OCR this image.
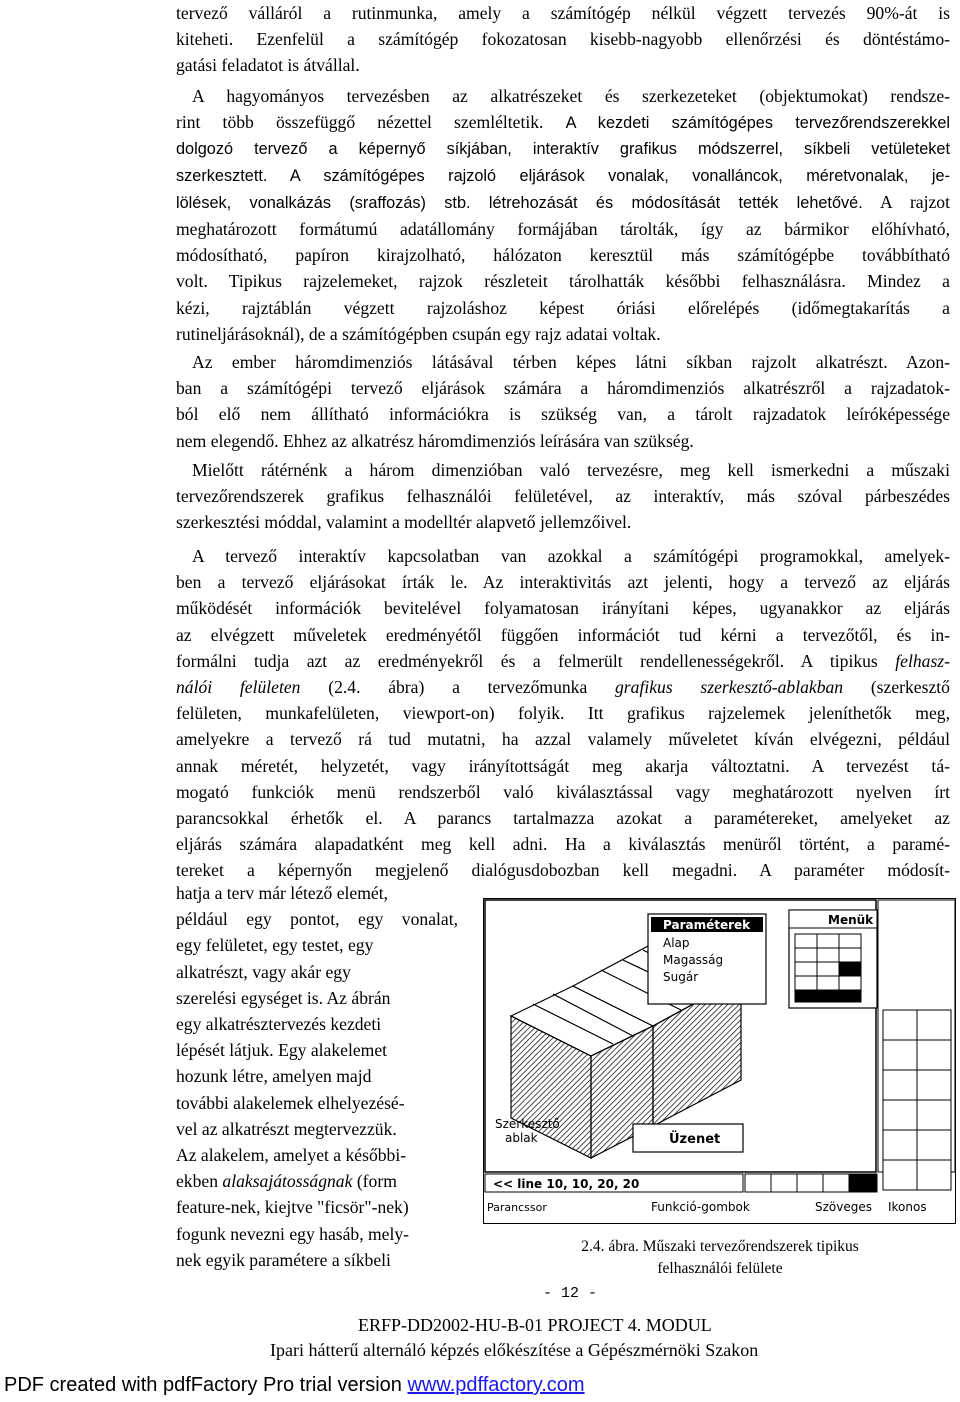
tervező válláról a rutinmunka, amely a számítógép nélkül végzett tervezés 90%-át is
kiteheti. Ezenfelül a számítógép fokozatosan kisebb-nagyobb ellenőrzési és döntéstámo-
gatási feladatot is átvállal.
A hagyományos tervezésben az alkatrészeket és szerkezeteket (objektumokat) rendsze-
rint több összefüggő nézettel szemléltetik. A kezdeti számítógépes tervezőrendszerekkel
dolgozó tervező a képernyő síkjában, interaktív grafikus módszerrel, síkbeli vetületeket
szerkesztett. A számítógépes rajzoló eljárások vonalak, vonalláncok, méretvonalak, je-
lölések, vonalkázás (sraffozás) stb. létrehozását és módosítását tették lehetővé. A rajzot
meghatározott formátumú adatállomány formájában tárolták, így az bármikor előhívható,
módosítható, papíron kirajzolható, hálózaton keresztül más számítógépbe továbbítható
volt. Tipikus rajzelemeket, rajzok részleteit tárolhatták későbbi felhasználásra. Mindez a
kézi, rajztáblán végzett rajzoláshoz képest óriási előrelépés (időmegtakarítás a
rutineljárásoknál), de a számítógépben csupán egy rajz adatai voltak.
Az ember háromdimenziós látásával térben képes látni síkban rajzolt alkatrészt. Azon-
ban a számítógépi tervező eljárások számára a háromdimenziós alkatrészről a rajzadatok-
ból elő nem állítható információkra is szükség van, a tárolt rajzadatok leíróképessége
nem elegendő. Ehhez az alkatrész háromdimenziós leírására van szükség.
Mielőtt rátérnénk a három dimenzióban való tervezésre, meg kell ismerkedni a műszaki
tervezőrendszerek grafikus felhasználói felületével, az interaktív, más szóval párbeszédes
szerkesztési móddal, valamint a modelltér alapvető jellemzőivel.
A tervező interaktív kapcsolatban van azokkal a számítógépi programokkal, amelyek-
ben a tervező eljárásokat írták le. Az interaktivitás azt jelenti, hogy a tervező az eljárás
működését információk bevitelével folyamatosan irányítani képes, ugyanakkor az eljárás
az elvégzett műveletek eredményétől függően információt tud kérni a tervezőtől, és in-
formálni tudja azt az eredményekről és a felmerült rendellenességekről. A tipikus felhasz-
nálói felületen (2.4. ábra) a tervezőmunka grafikus szerkesztő-ablakban (szerkesztő
felületen, munkafelületen, viewport-on) folyik. Itt grafikus rajzelemek jeleníthetők meg,
amelyekre a tervező rá tud mutatni, ha azzal valamely műveletet kíván elvégezni, például
annak méretét, helyzetét, vagy irányítottságát meg akarja változtatni. A tervezést tá-
mogató funkciók menü rendszerből való kiválasztással vagy meghatározott nyelven írt
parancsokkal érhetők el. A parancs tartalmazza azokat a paramétereket, amelyeket az
eljárás számára alapadatként meg kell adni. Ha a kiválasztás menüről történt, a paramé-
tereket a képernyőn megjelenő dialógusdobozban kell megadni. A paraméter módosít-
hatja a terv már létező elemét,
például egy pontot, egy vonalat,
egy felületet, egy testet, egy
alkatrészt, vagy akár egy
szerelési egységet is. Az ábrán
egy alkatrésztervezés kezdeti
lépését látjuk. Egy alakelemet
hozunk létre, amelyen majd
további alakelemek elhelyezésé-
vel az alkatrészt megtervezzük.
Az alakelem, amelyet a későbbi-
ekben alaksajátosságnak (form
feature-nek, kiejtve "ficsör"-nek)
fogunk nevezni egy hasáb, mely-
nek egyik paramétere a síkbeli
Paraméterek
Alap
Magasság
Sugár
Menük
Szerkesztő
ablak	Üzenet
<< line 10, 10, 20, 20
Parancssor	Funkció-gombok	Szöveges Ikonos
2.4. ábra. Műszaki tervezőrendszerek tipikus
felhasználói felülete
- 12 -
ERFP-DD2002-HU-B-01 PROJECT 4. MODUL
Ipari hátterű alternáló képzés előkészítése a Gépészmérnöki Szakon
PDF created with pdfFactory Pro trial version www.pdffactory.com
